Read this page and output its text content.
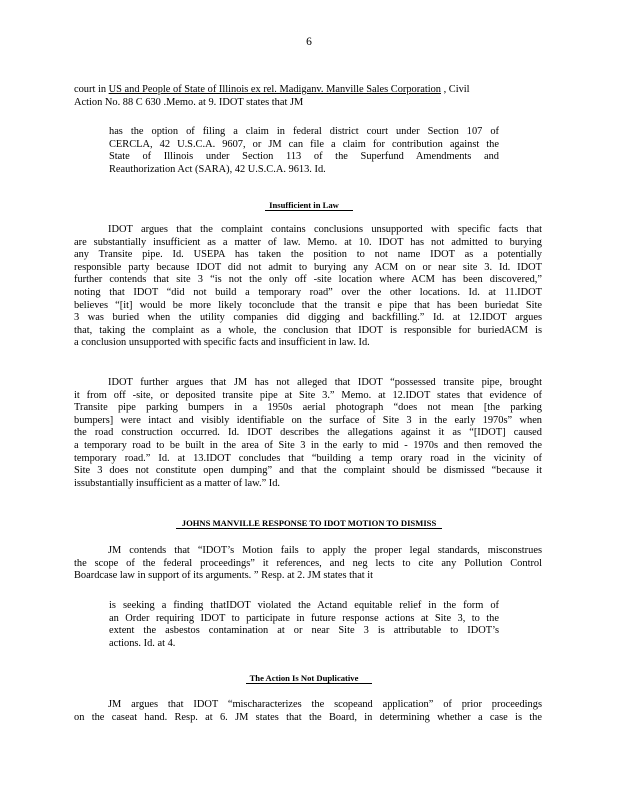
6
court in US and People of State of Illinois ex rel. Madiganv. Manville Sales Corporation , Civil
Action No. 88 C 630 .Memo. at 9. IDOT states that JM
has the option of filing a claim in federal district court under Section 107 of
CERCLA, 42 U.S.C.A. 9607, or JM can file a claim for contribution against the
State of Illinois under Section 113 of the Superfund Amendments and
Reauthorization Act (SARA), 42 U.S.C.A. 9613. Id.
Insufficient in Law
IDOT argues that the complaint contains conclusions unsupported with specific facts that
are substantially insufficient as a matter of law. Memo. at 10. IDOT has not admitted to burying
any Transite pipe. Id. USEPA has taken the position to not name IDOT as a potentially
responsible party because IDOT did not admit to burying any ACM on or near site 3. Id. IDOT
further contends that site 3 “is not the only off -site location where ACM has been discovered,”
noting that IDOT “did not build a temporary road” over the other locations. Id. at 11.IDOT
believes “[it] would be more likely toconclude that the transit e pipe that has been buriedat Site
3 was buried when the utility companies did digging and backfilling.” Id. at 12.IDOT argues
that, taking the complaint as a whole, the conclusion that IDOT is responsible for buriedACM is
a conclusion unsupported with specific facts and insufficient in law. Id.
IDOT further argues that JM has not alleged that IDOT “possessed transite pipe, brought
it from off -site, or deposited transite pipe at Site 3.” Memo. at 12.IDOT states that evidence of
Transite pipe parking bumpers in a 1950s aerial photograph “does not mean [the parking
bumpers] were intact and visibly identifiable on the surface of Site 3 in the early 1970s” when
the road construction occurred. Id. IDOT describes the allegations against it as “[IDOT] caused
a temporary road to be built in the area of Site 3 in the early to mid - 1970s and then removed the
temporary road.” Id. at 13.IDOT concludes that “building a temp orary road in the vicinity of
Site 3 does not constitute open dumping” and that the complaint should be dismissed “because it
issubstantially insufficient as a matter of law.” Id.
JOHNS MANVILLE RESPONSE TO IDOT MOTION TO DISMISS
JM contends that “IDOT’s Motion fails to apply the proper legal standards, misconstrues
the scope of the federal proceedings” it references, and neg lects to cite any Pollution Control
Boardcase law in support of its arguments. ” Resp. at 2. JM states that it
is seeking a finding thatIDOT violated the Actand equitable relief in the form of
an Order requiring IDOT to participate in future response actions at Site 3, to the
extent the asbestos contamination at or near Site 3 is attributable to IDOT’s
actions. Id. at 4.
The Action Is Not Duplicative
JM argues that IDOT “mischaracterizes the scopeand application” of prior proceedings
on the caseat hand. Resp. at 6. JM states that the Board, in determining whether a case is the
